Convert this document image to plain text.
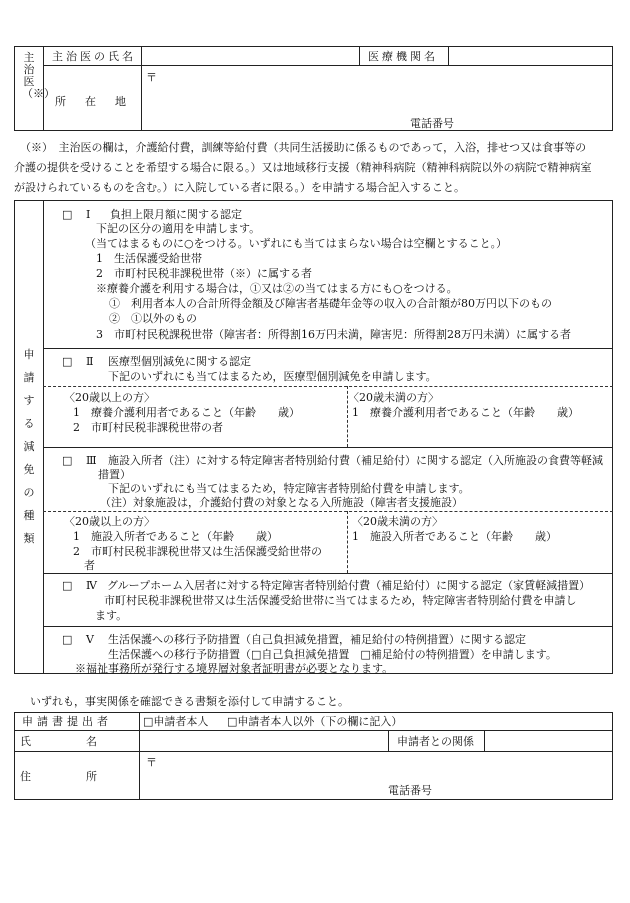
主治医（※）
主治医の氏名	医療機関名
所　在　地
〒
電話番号
（※）　主治医の欄は，介護給付費，訓練等給付費（共同生活援助に係るものであって，入浴，排せつ又は食事等の
介護の提供を受けることを希望する場合に限る。）又は地域移行支援（精神科病院（精神科病院以外の病院で精神病室
が設けられているものを含む。）に入院している者に限る。）を申請する場合記入すること。
申請する減免の種類
□ Ⅰ 負担上限月額に関する認定
下記の区分の適用を申請します。
（当てはまるものに○をつける。いずれにも当てはまらない場合は空欄とすること。）
1　生活保護受給世帯
2　市町村民税非課税世帯（※）に属する者
※療養介護を利用する場合は，①又は②の当てはまる方にも○をつける。
①　利用者本人の合計所得金額及び障害者基礎年金等の収入の合計額が80万円以下のもの
②　①以外のもの
3　市町村民税課税世帯（障害者：所得割16万円未満，障害児：所得割28万円未満）に属する者
□ Ⅱ 医療型個別減免に関する認定
下記のいずれにも当てはまるため，医療型個別減免を申請します。
〈20歳以上の方〉
1　療養介護利用者であること（年齢　　歳）
2　市町村民税非課税世帯の者
〈20歳未満の方〉
1　療養介護利用者であること（年齢　　歳）
□ Ⅲ 施設入所者（注）に対する特定障害者特別給付費（補足給付）に関する認定（入所施設の食費等軽減
措置）
下記のいずれにも当てはまるため，特定障害者特別給付費を申請します。
（注）対象施設は，介護給付費の対象となる入所施設（障害者支援施設）
〈20歳以上の方〉
1　施設入所者であること（年齢　　歳）
2　市町村民税非課税世帯又は生活保護受給世帯の
者
〈20歳未満の方〉
1　施設入所者であること（年齢　　歳）
□ Ⅳ グループホーム入居者に対する特定障害者特別給付費（補足給付）に関する認定（家賃軽減措置）
市町村民税非課税世帯又は生活保護受給世帯に当てはまるため，特定障害者特別給付費を申請し
ます。
□ Ⅴ 生活保護への移行予防措置（自己負担減免措置，補足給付の特例措置）に関する認定
生活保護への移行予防措置（□自己負担減免措置　□補足給付の特例措置）を申請します。
※福祉事務所が発行する境界層対象者証明書が必要となります。
いずれも，事実関係を確認できる書類を添付して申請すること。
申請書提出者	□申請者本人 □申請者本人以外（下の欄に記入）
氏　　　　　名	申請者との関係
住　　　　　所
〒
電話番号
